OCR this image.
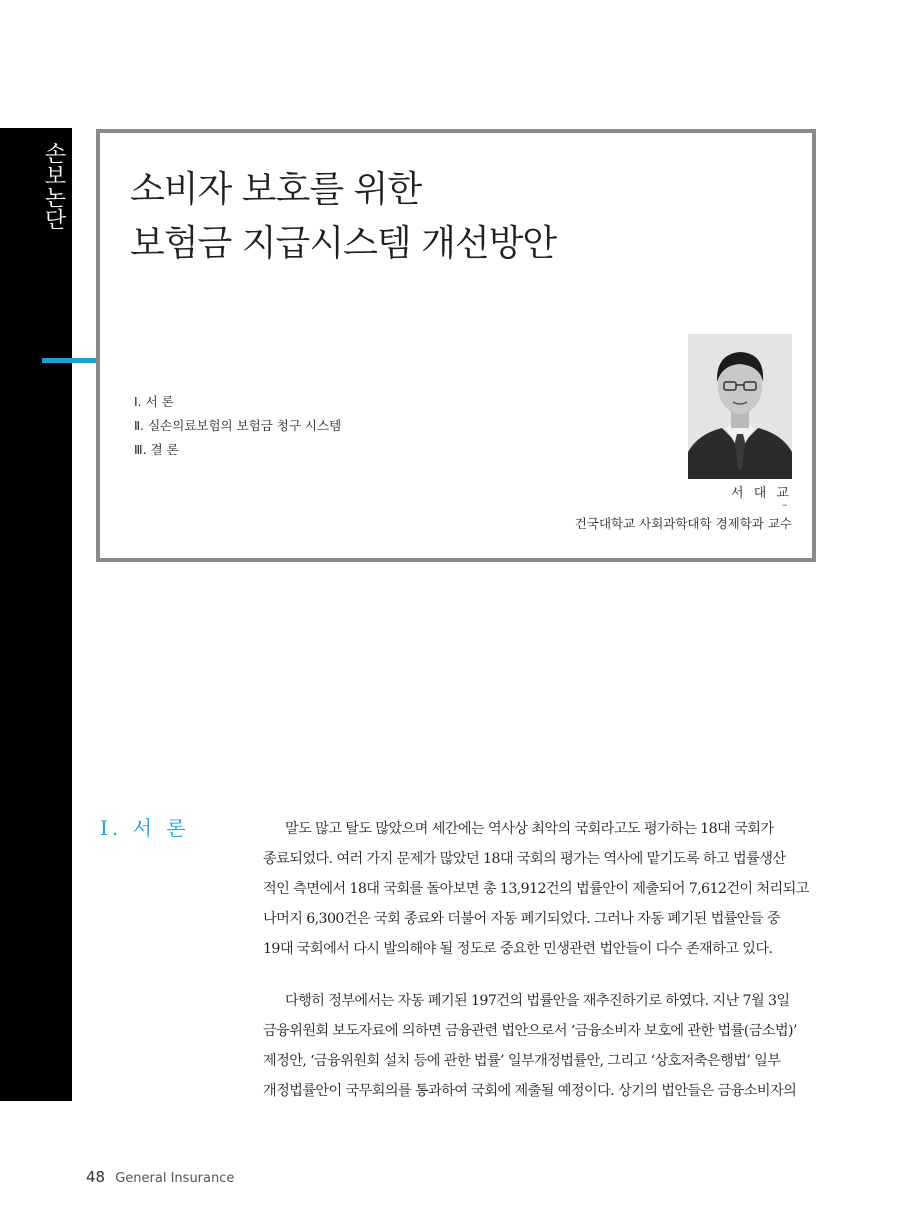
손보논단 소비자 보호를 위한
보험금 지급시스템 개선방안
Ⅰ. 서 론
Ⅱ. 실손의료보험의 보험금 청구 시스템
Ⅲ. 결 론
서 대 교
–
건국대학교 사회과학대학 경제학과 교수
Ⅰ. 서 론	말도 많고 탈도 많았으며 세간에는 역사상 최악의 국회라고도 평가하는 18대 국회가
종료되었다. 여러 가지 문제가 많았던 18대 국회의 평가는 역사에 맡기도록 하고 법률생산
적인 측면에서 18대 국회를 돌아보면 총 13,912건의 법률안이 제출되어 7,612건이 처리되고
나머지 6,300건은 국회 종료와 더불어 자동 폐기되었다. 그러나 자동 폐기된 법률안들 중
19대 국회에서 다시 발의해야 될 정도로 중요한 민생관련 법안들이 다수 존재하고 있다.
다행히 정부에서는 자동 폐기된 197건의 법률안을 재추진하기로 하였다. 지난 7월 3일
금융위원회 보도자료에 의하면 금융관련 법안으로서 ‘금융소비자 보호에 관한 법률(금소법)’
제정안, ‘금융위원회 설치 등에 관한 법률’ 일부개정법률안, 그리고 ‘상호저축은행법’ 일부
개정법률안이 국무회의를 통과하여 국회에 제출될 예정이다. 상기의 법안들은 금융소비자의
48 General Insurance
